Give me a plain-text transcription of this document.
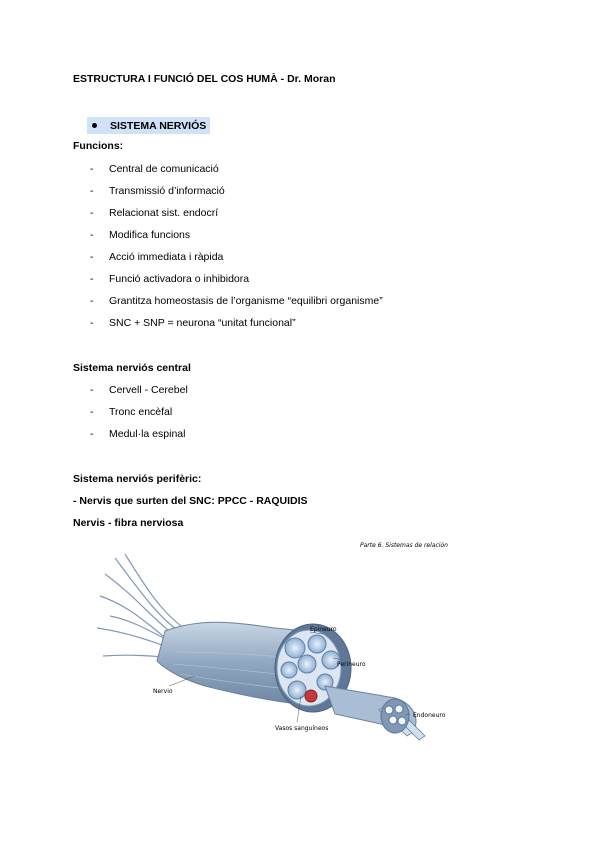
ESTRUCTURA I FUNCIÓ DEL COS HUMÀ - Dr. Moran
SISTEMA NERVIÓS
Funcions:
- Central de comunicació
- Transmissió d’informació
- Relacionat sist. endocrí
- Modifica funcions
- Acció immediata i ràpida
- Funció activadora o inhibidora
- Grantitza homeostasis de l’organisme “equilibri organisme”
- SNC + SNP = neurona “unitat funcional”
Sistema nerviós central
- Cervell - Cerebel
- Tronc encèfal
- Medul·la espinal
Sistema nerviós perifèric:
- Nervis que surten del SNC: PPCC - RAQUIDIS
Nervis - fibra nerviosa
Parte 6. Sistemas de relación
Epineuro
Perineuro
Nervio
Endoneuro
Vasos sanguíneos
